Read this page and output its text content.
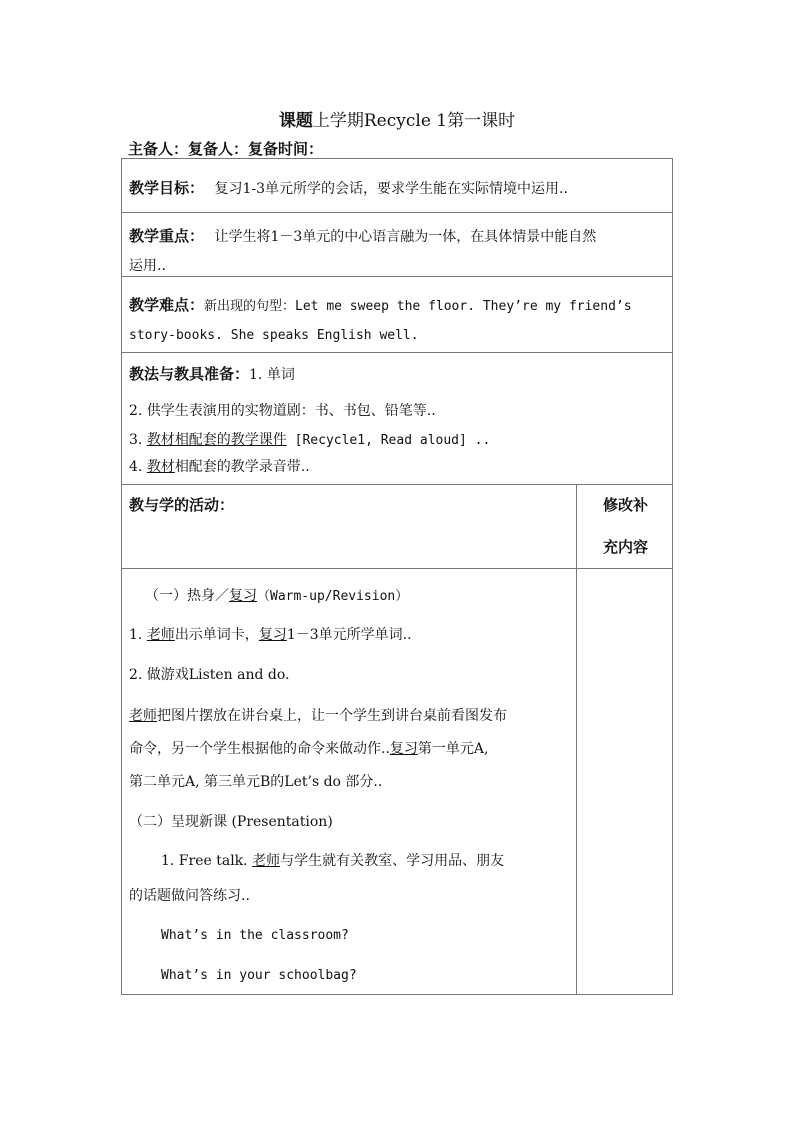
课题上学期Recycle 1第一课时
主备人：复备人：复备时间：
教学目标： 复习1-3单元所学的会话，要求学生能在实际情境中运用..
教学重点： 让学生将1－3单元的中心语言融为一体，在具体情景中能自然
运用..
教学难点：新出现的句型：Let me sweep the floor. They’re my friend’s
story-books. She speaks English well.
教法与教具准备：1. 单词
2. 供学生表演用的实物道剧：书、书包、铅笔等..
3. 教材相配套的教学课件 [Recycle1, Read aloud] ..
4. 教材相配套的教学录音带..
教与学的活动：	修改补
充内容
（一）热身／复习（Warm-up/Revision）
1. 老师出示单词卡，复习1－3单元所学单词..
2. 做游戏Listen and do.
老师把图片摆放在讲台桌上，让一个学生到讲台桌前看图发布
命令，另一个学生根据他的命令来做动作..复习第一单元A,
第二单元A, 第三单元B的Let’s do 部分..
（二）呈现新课 (Presentation)
1. Free talk. 老师与学生就有关教室、学习用品、朋友
的话题做问答练习..
What’s in the classroom?
What’s in your schoolbag?
